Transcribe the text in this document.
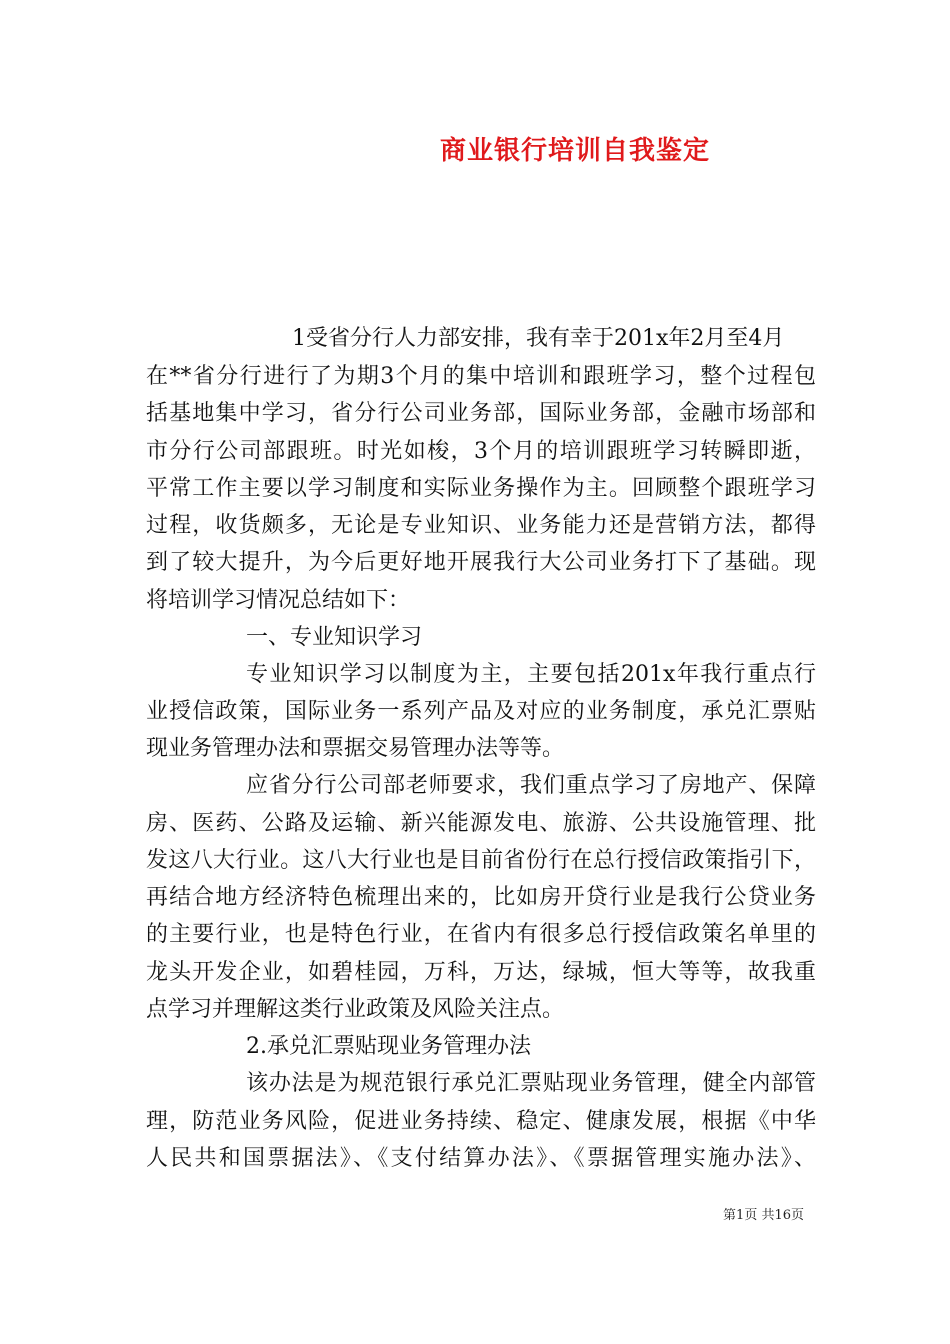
商业银行培训自我鉴定
1受省分行人力部安排，我有幸于201x年2月至4月
在**省分行进行了为期3个月的集中培训和跟班学习，整个过程包
括基地集中学习，省分行公司业务部，国际业务部，金融市场部和
市分行公司部跟班。时光如梭，3个月的培训跟班学习转瞬即逝，
平常工作主要以学习制度和实际业务操作为主。回顾整个跟班学习
过程，收货颇多，无论是专业知识、业务能力还是营销方法，都得
到了较大提升，为今后更好地开展我行大公司业务打下了基础。现
将培训学习情况总结如下：
一、专业知识学习
专业知识学习以制度为主，主要包括201x年我行重点行
业授信政策，国际业务一系列产品及对应的业务制度，承兑汇票贴
现业务管理办法和票据交易管理办法等等。
应省分行公司部老师要求，我们重点学习了房地产、保障
房、医药、公路及运输、新兴能源发电、旅游、公共设施管理、批
发这八大行业。这八大行业也是目前省份行在总行授信政策指引下，
再结合地方经济特色梳理出来的，比如房开贷行业是我行公贷业务
的主要行业，也是特色行业，在省内有很多总行授信政策名单里的
龙头开发企业，如碧桂园，万科，万达，绿城，恒大等等，故我重
点学习并理解这类行业政策及风险关注点。
2.承兑汇票贴现业务管理办法
该办法是为规范银行承兑汇票贴现业务管理，健全内部管
理，防范业务风险，促进业务持续、稳定、健康发展，根据《中华
人民共和国票据法》、《支付结算办法》、《票据管理实施办法》、
第1页 共16页
